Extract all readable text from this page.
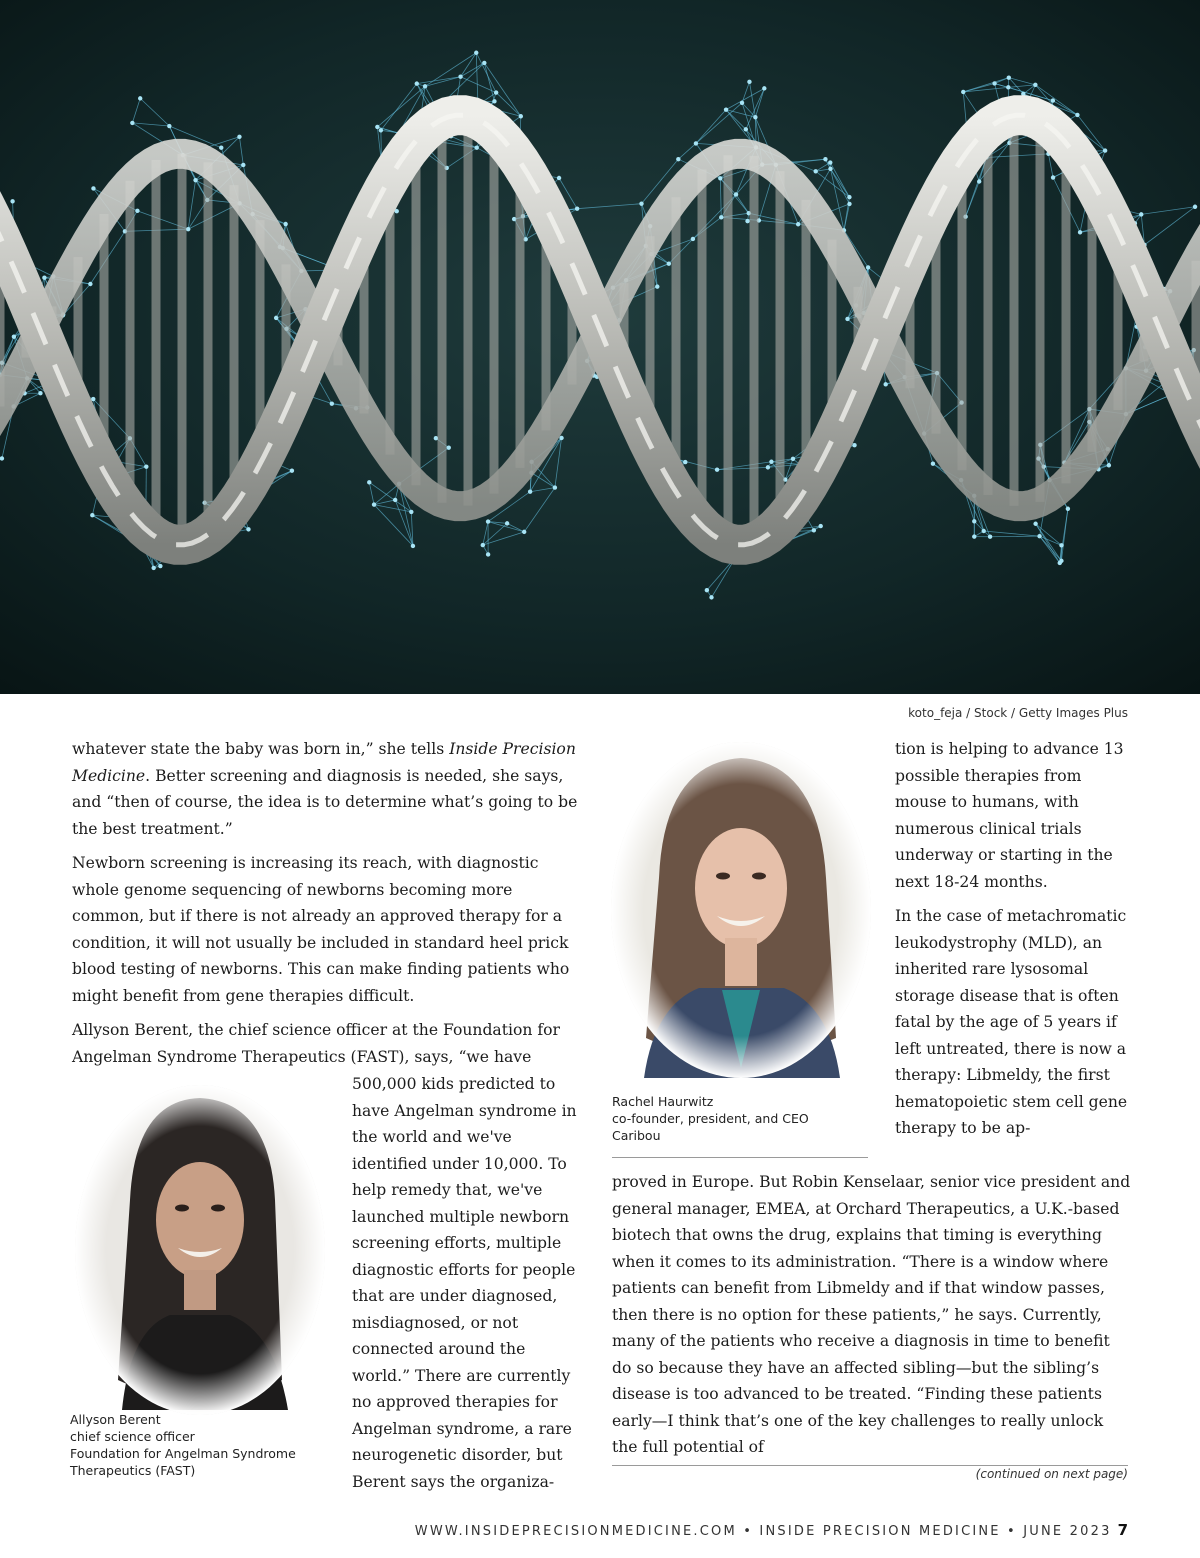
koto_feja / Stock / Getty Images Plus

whatever state the baby was born in,” she tells Inside Precision Medicine. Better screening and diagnosis is needed, she says, and “then of course, the idea is to determine what’s going to be the best treatment.”

Newborn screening is increasing its reach, with diagnostic whole genome sequencing of newborns becoming more common, but if there is not already an approved therapy for a condition, it will not usually be included in standard heel prick blood testing of newborns. This can make finding patients who might benefit from gene therapies difficult.

Allyson Berent, the chief science officer at the Foundation for Angelman Syndrome Therapeutics (FAST), says, “we have

500,000 kids predicted to have Angelman syndrome in the world and we've identified under 10,000. To help remedy that, we've launched multiple newborn screening efforts, multiple diagnostic efforts for people that are under diagnosed, misdiagnosed, or not connected around the world.” There are currently no approved therapies for Angelman syndrome, a rare neurogenetic disorder, but Berent says the organiza-

Allyson Berent
chief science officer
Foundation for Angelman Syndrome
Therapeutics (FAST)
Rachel Haurwitz
co-founder, president, and CEO
Caribou

tion is helping to advance 13 possible therapies from mouse to humans, with numerous clinical trials underway or starting in the next 18-24 months.

In the case of metachromatic leukodystrophy (MLD), an inherited rare lysosomal storage disease that is often fatal by the age of 5 years if left untreated, there is now a therapy: Libmeldy, the first hematopoietic stem cell gene therapy to be ap-

proved in Europe. But Robin Kenselaar, senior vice president and general manager, EMEA, at Orchard Therapeutics, a U.K.-based biotech that owns the drug, explains that timing is everything when it comes to its administration. “There is a window where patients can benefit from Libmeldy and if that window passes, then there is no option for these patients,” he says. Currently, many of the patients who receive a diagnosis in time to benefit do so because they have an affected sibling—but the sibling’s disease is too advanced to be treated. “Finding these patients early—I think that’s one of the key challenges to really unlock the full potential of

(continued on next page)
WWW.INSIDEPRECISIONMEDICINE.COM • INSIDE PRECISION MEDICINE • JUNE 2023 7
